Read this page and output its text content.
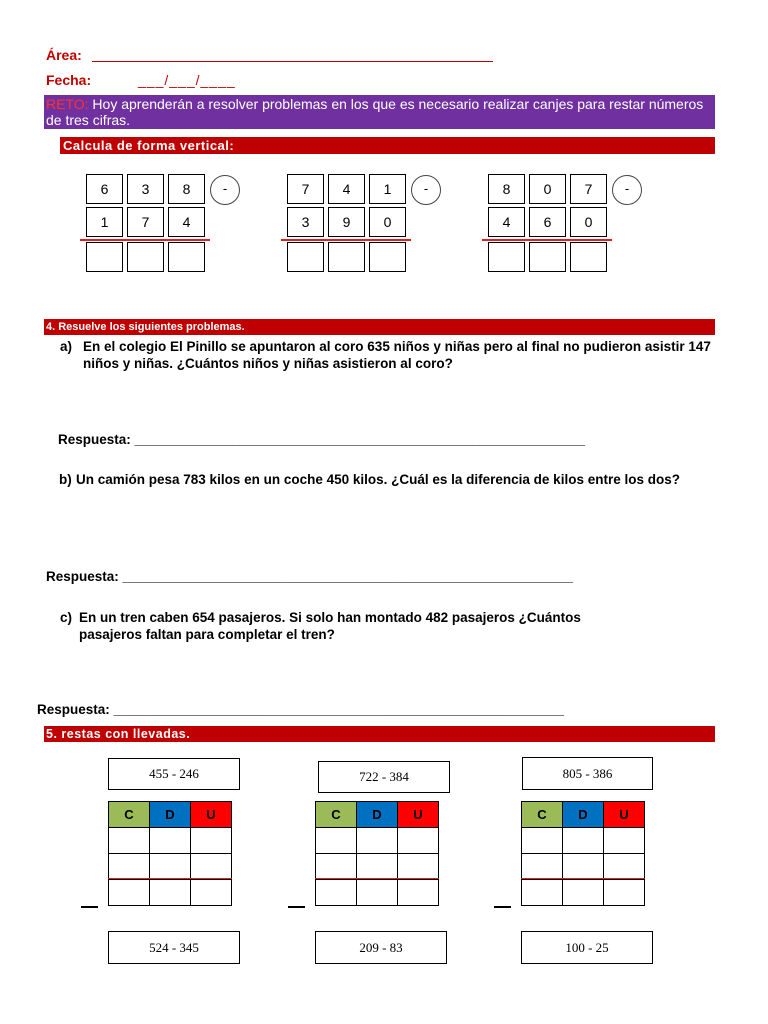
Área:
Fecha:	___/___/____
RETO: Hoy aprenderán a resolver problemas en los que es necesario realizar canjes para restar números de tres cifras.
Calcula de forma vertical:
6	3	8	-
1	7	4
7	4	1	-
3	9	0
8	0	7	-
4	6	0
4. Resuelve los siguientes problemas.
a) En el colegio El Pinillo se apuntaron al coro 635 niños y niñas pero al final no pudieron asistir 147 niños y niñas. ¿Cuántos niños y niñas asistieron al coro?
Respuesta: ____________________________________________________________
b) Un camión pesa 783 kilos en un coche 450 kilos. ¿Cuál es la diferencia de kilos entre los dos?
Respuesta: ____________________________________________________________
c) En un tren caben 654 pasajeros. Si solo han montado 482 pasajeros ¿Cuántos pasajeros faltan para completar el tren?
Respuesta: ____________________________________________________________
5. restas con llevadas.
455 - 246
C	D	U

524 - 345
722 - 384
C	D	U

209 - 83
805 - 386
C	D	U

100 - 25
